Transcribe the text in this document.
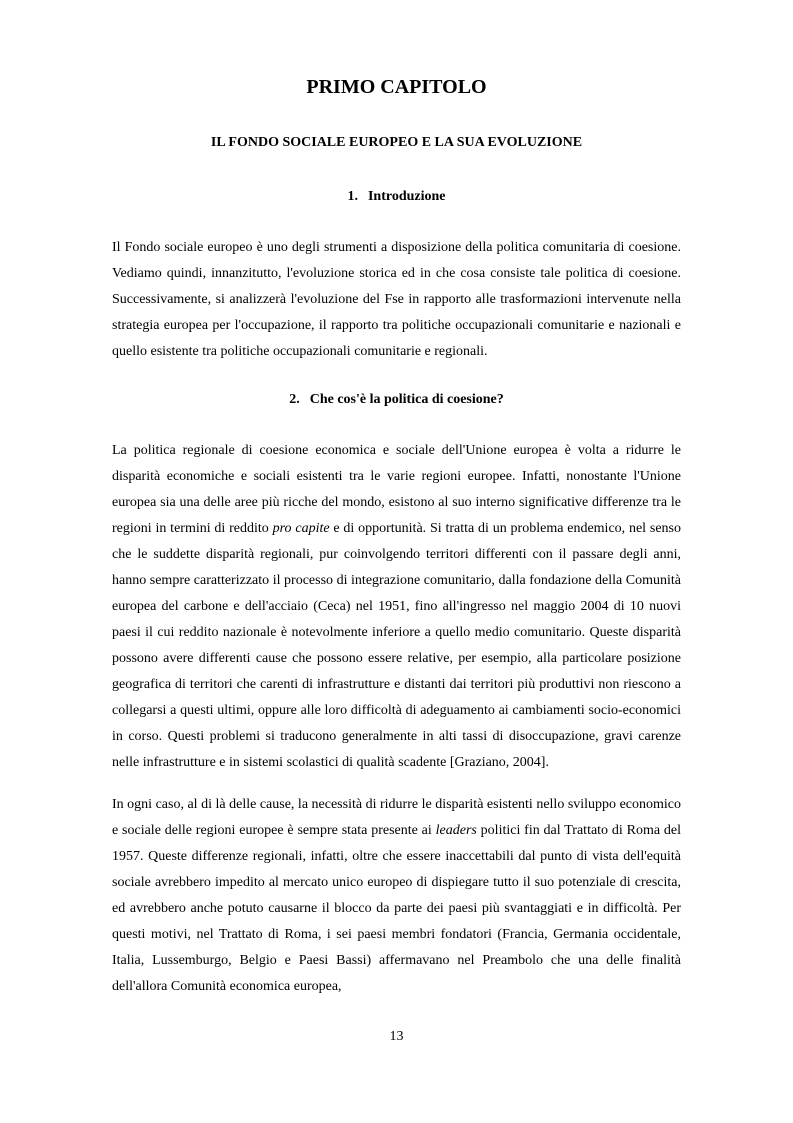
PRIMO CAPITOLO
IL FONDO SOCIALE EUROPEO E LA SUA EVOLUZIONE
1. Introduzione

Il Fondo sociale europeo è uno degli strumenti a disposizione della politica comunitaria di coesione. Vediamo quindi, innanzitutto, l'evoluzione storica ed in che cosa consiste tale politica di coesione. Successivamente, si analizzerà l'evoluzione del Fse in rapporto alle trasformazioni intervenute nella strategia europea per l'occupazione, il rapporto tra politiche occupazionali comunitarie e nazionali e quello esistente tra politiche occupazionali comunitarie e regionali.

2. Che cos'è la politica di coesione?

La politica regionale di coesione economica e sociale dell'Unione europea è volta a ridurre le disparità economiche e sociali esistenti tra le varie regioni europee. Infatti, nonostante l'Unione europea sia una delle aree più ricche del mondo, esistono al suo interno significative differenze tra le regioni in termini di reddito pro capite e di opportunità. Si tratta di un problema endemico, nel senso che le suddette disparità regionali, pur coinvolgendo territori differenti con il passare degli anni, hanno sempre caratterizzato il processo di integrazione comunitario, dalla fondazione della Comunità europea del carbone e dell'acciaio (Ceca) nel 1951, fino all'ingresso nel maggio 2004 di 10 nuovi paesi il cui reddito nazionale è notevolmente inferiore a quello medio comunitario. Queste disparità possono avere differenti cause che possono essere relative, per esempio, alla particolare posizione geografica di territori che carenti di infrastrutture e distanti dai territori più produttivi non riescono a collegarsi a questi ultimi, oppure alle loro difficoltà di adeguamento ai cambiamenti socio-economici in corso. Questi problemi si traducono generalmente in alti tassi di disoccupazione, gravi carenze nelle infrastrutture e in sistemi scolastici di qualità scadente [Graziano, 2004].

In ogni caso, al di là delle cause, la necessità di ridurre le disparità esistenti nello sviluppo economico e sociale delle regioni europee è sempre stata presente ai leaders politici fin dal Trattato di Roma del 1957. Queste differenze regionali, infatti, oltre che essere inaccettabili dal punto di vista dell'equità sociale avrebbero impedito al mercato unico europeo di dispiegare tutto il suo potenziale di crescita, ed avrebbero anche potuto causarne il blocco da parte dei paesi più svantaggiati e in difficoltà. Per questi motivi, nel Trattato di Roma, i sei paesi membri fondatori (Francia, Germania occidentale, Italia, Lussemburgo, Belgio e Paesi Bassi) affermavano nel Preambolo che una delle finalità dell'allora Comunità economica europea,

13
